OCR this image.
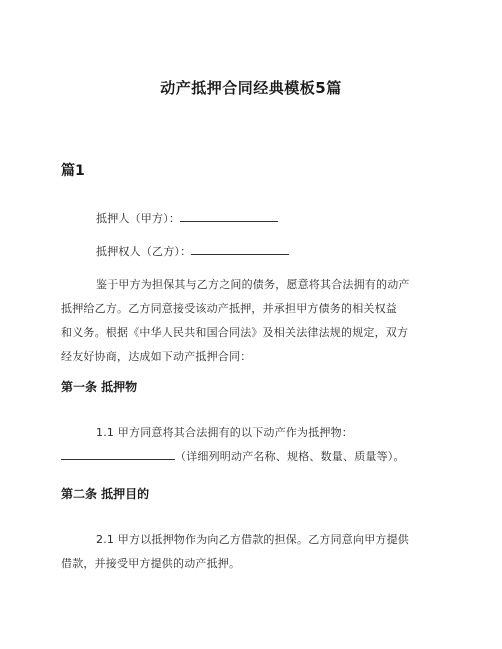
动产抵押合同经典模板5篇
篇1
抵押人（甲方）：
抵押权人（乙方）：
鉴于甲方为担保其与乙方之间的债务，愿意将其合法拥有的动产
抵押给乙方。乙方同意接受该动产抵押，并承担甲方债务的相关权益
和义务。根据《中华人民共和国合同法》及相关法律法规的规定，双方
经友好协商，达成如下动产抵押合同：
第一条 抵押物
1.1 甲方同意将其合法拥有的以下动产作为抵押物：
（详细列明动产名称、规格、数量、质量等）。
第二条 抵押目的
2.1 甲方以抵押物作为向乙方借款的担保。乙方同意向甲方提供
借款，并接受甲方提供的动产抵押。
